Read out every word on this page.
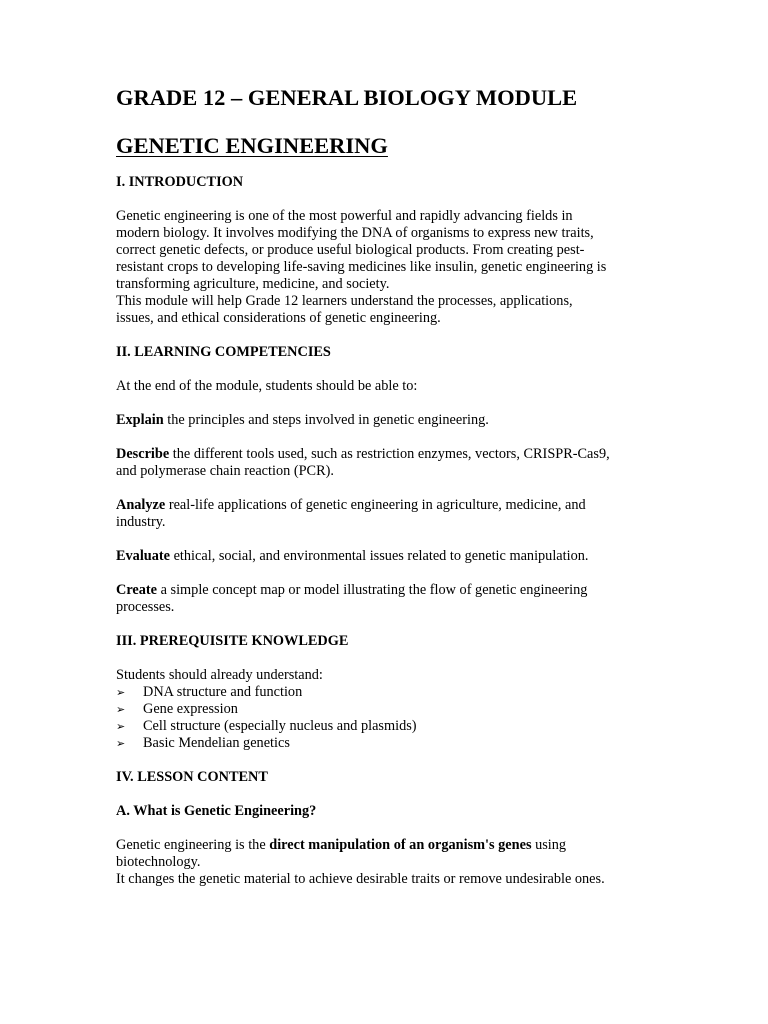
GRADE 12 – GENERAL BIOLOGY MODULE
GENETIC ENGINEERING
I. INTRODUCTION

Genetic engineering is one of the most powerful and rapidly advancing fields in
modern biology. It involves modifying the DNA of organisms to express new traits,
correct genetic defects, or produce useful biological products. From creating pest-
resistant crops to developing life-saving medicines like insulin, genetic engineering is
transforming agriculture, medicine, and society.
This module will help Grade 12 learners understand the processes, applications,
issues, and ethical considerations of genetic engineering.

II. LEARNING COMPETENCIES

At the end of the module, students should be able to:

Explain the principles and steps involved in genetic engineering.

Describe the different tools used, such as restriction enzymes, vectors, CRISPR-Cas9,
and polymerase chain reaction (PCR).

Analyze real-life applications of genetic engineering in agriculture, medicine, and
industry.

Evaluate ethical, social, and environmental issues related to genetic manipulation.

Create a simple concept map or model illustrating the flow of genetic engineering
processes.

III. PREREQUISITE KNOWLEDGE

Students should already understand:

➢ DNA structure and function
➢ Gene expression
➢ Cell structure (especially nucleus and plasmids)
➢ Basic Mendelian genetics
IV. LESSON CONTENT
A. What is Genetic Engineering?

Genetic engineering is the direct manipulation of an organism's genes using
biotechnology.
It changes the genetic material to achieve desirable traits or remove undesirable ones.
